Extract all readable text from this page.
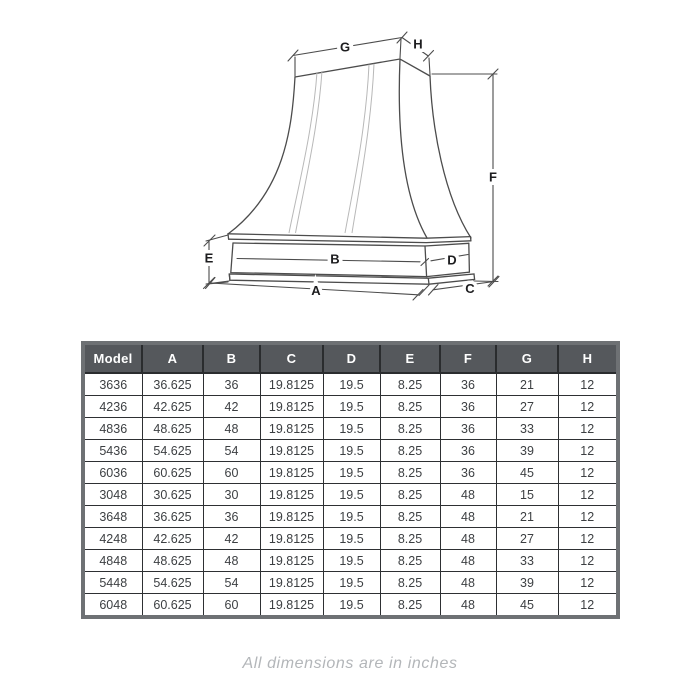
G	H
F
E	B	D
A	C
Model	A	B	C	D	E	F	G	H
3636	36.625	36	19.8125	19.5	8.25	36	21	12
4236	42.625	42	19.8125	19.5	8.25	36	27	12
4836	48.625	48	19.8125	19.5	8.25	36	33	12
5436	54.625	54	19.8125	19.5	8.25	36	39	12
6036	60.625	60	19.8125	19.5	8.25	36	45	12
3048	30.625	30	19.8125	19.5	8.25	48	15	12
3648	36.625	36	19.8125	19.5	8.25	48	21	12
4248	42.625	42	19.8125	19.5	8.25	48	27	12
4848	48.625	48	19.8125	19.5	8.25	48	33	12
5448	54.625	54	19.8125	19.5	8.25	48	39	12
6048	60.625	60	19.8125	19.5	8.25	48	45	12
All dimensions are in inches
